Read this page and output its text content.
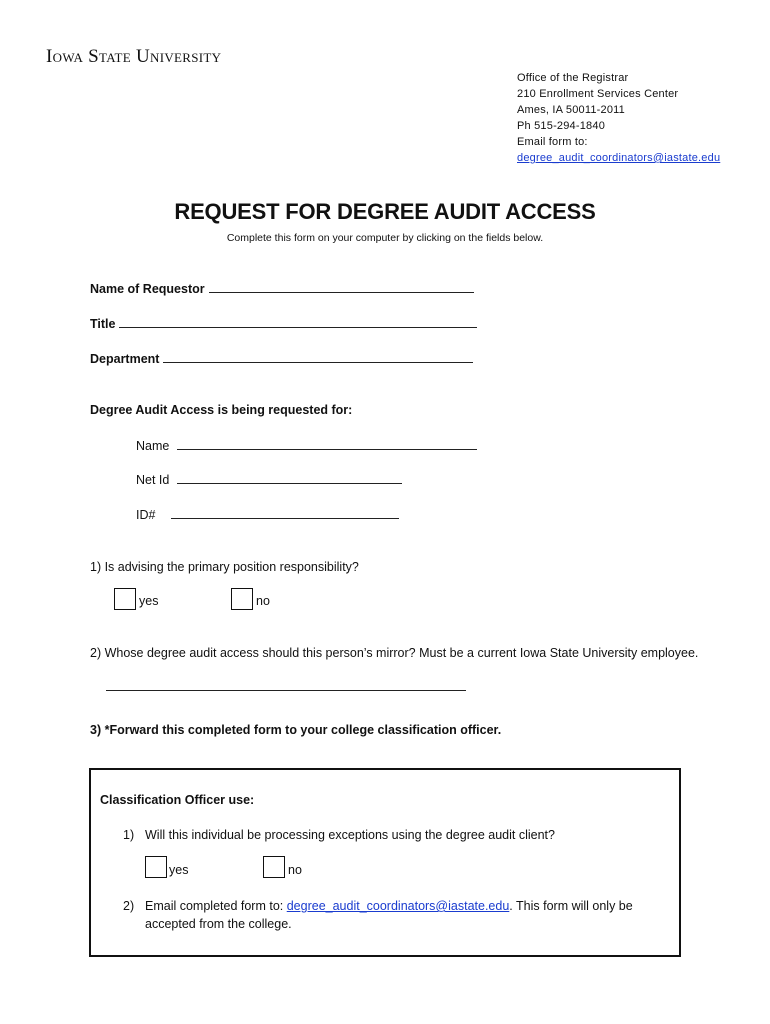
Iowa State University
Office of the Registrar
210 Enrollment Services Center
Ames, IA 50011-2011
Ph 515-294-1840
Email form to:
degree_audit_coordinators@iastate.edu
REQUEST FOR DEGREE AUDIT ACCESS
Complete this form on your computer by clicking on the fields below.
Name of Requestor
Title
Department
Degree Audit Access is being requested for:
Name
Net Id
ID#
1) Is advising the primary position responsibility?
yes	no
2) Whose degree audit access should this person’s mirror? Must be a current Iowa State University employee.
3) *Forward this completed form to your college classification officer.
Classification Officer use:
1) Will this individual be processing exceptions using the degree audit client?
yes	no
2) Email completed form to: degree_audit_coordinators@iastate.edu. This form will only be
accepted from the college.
